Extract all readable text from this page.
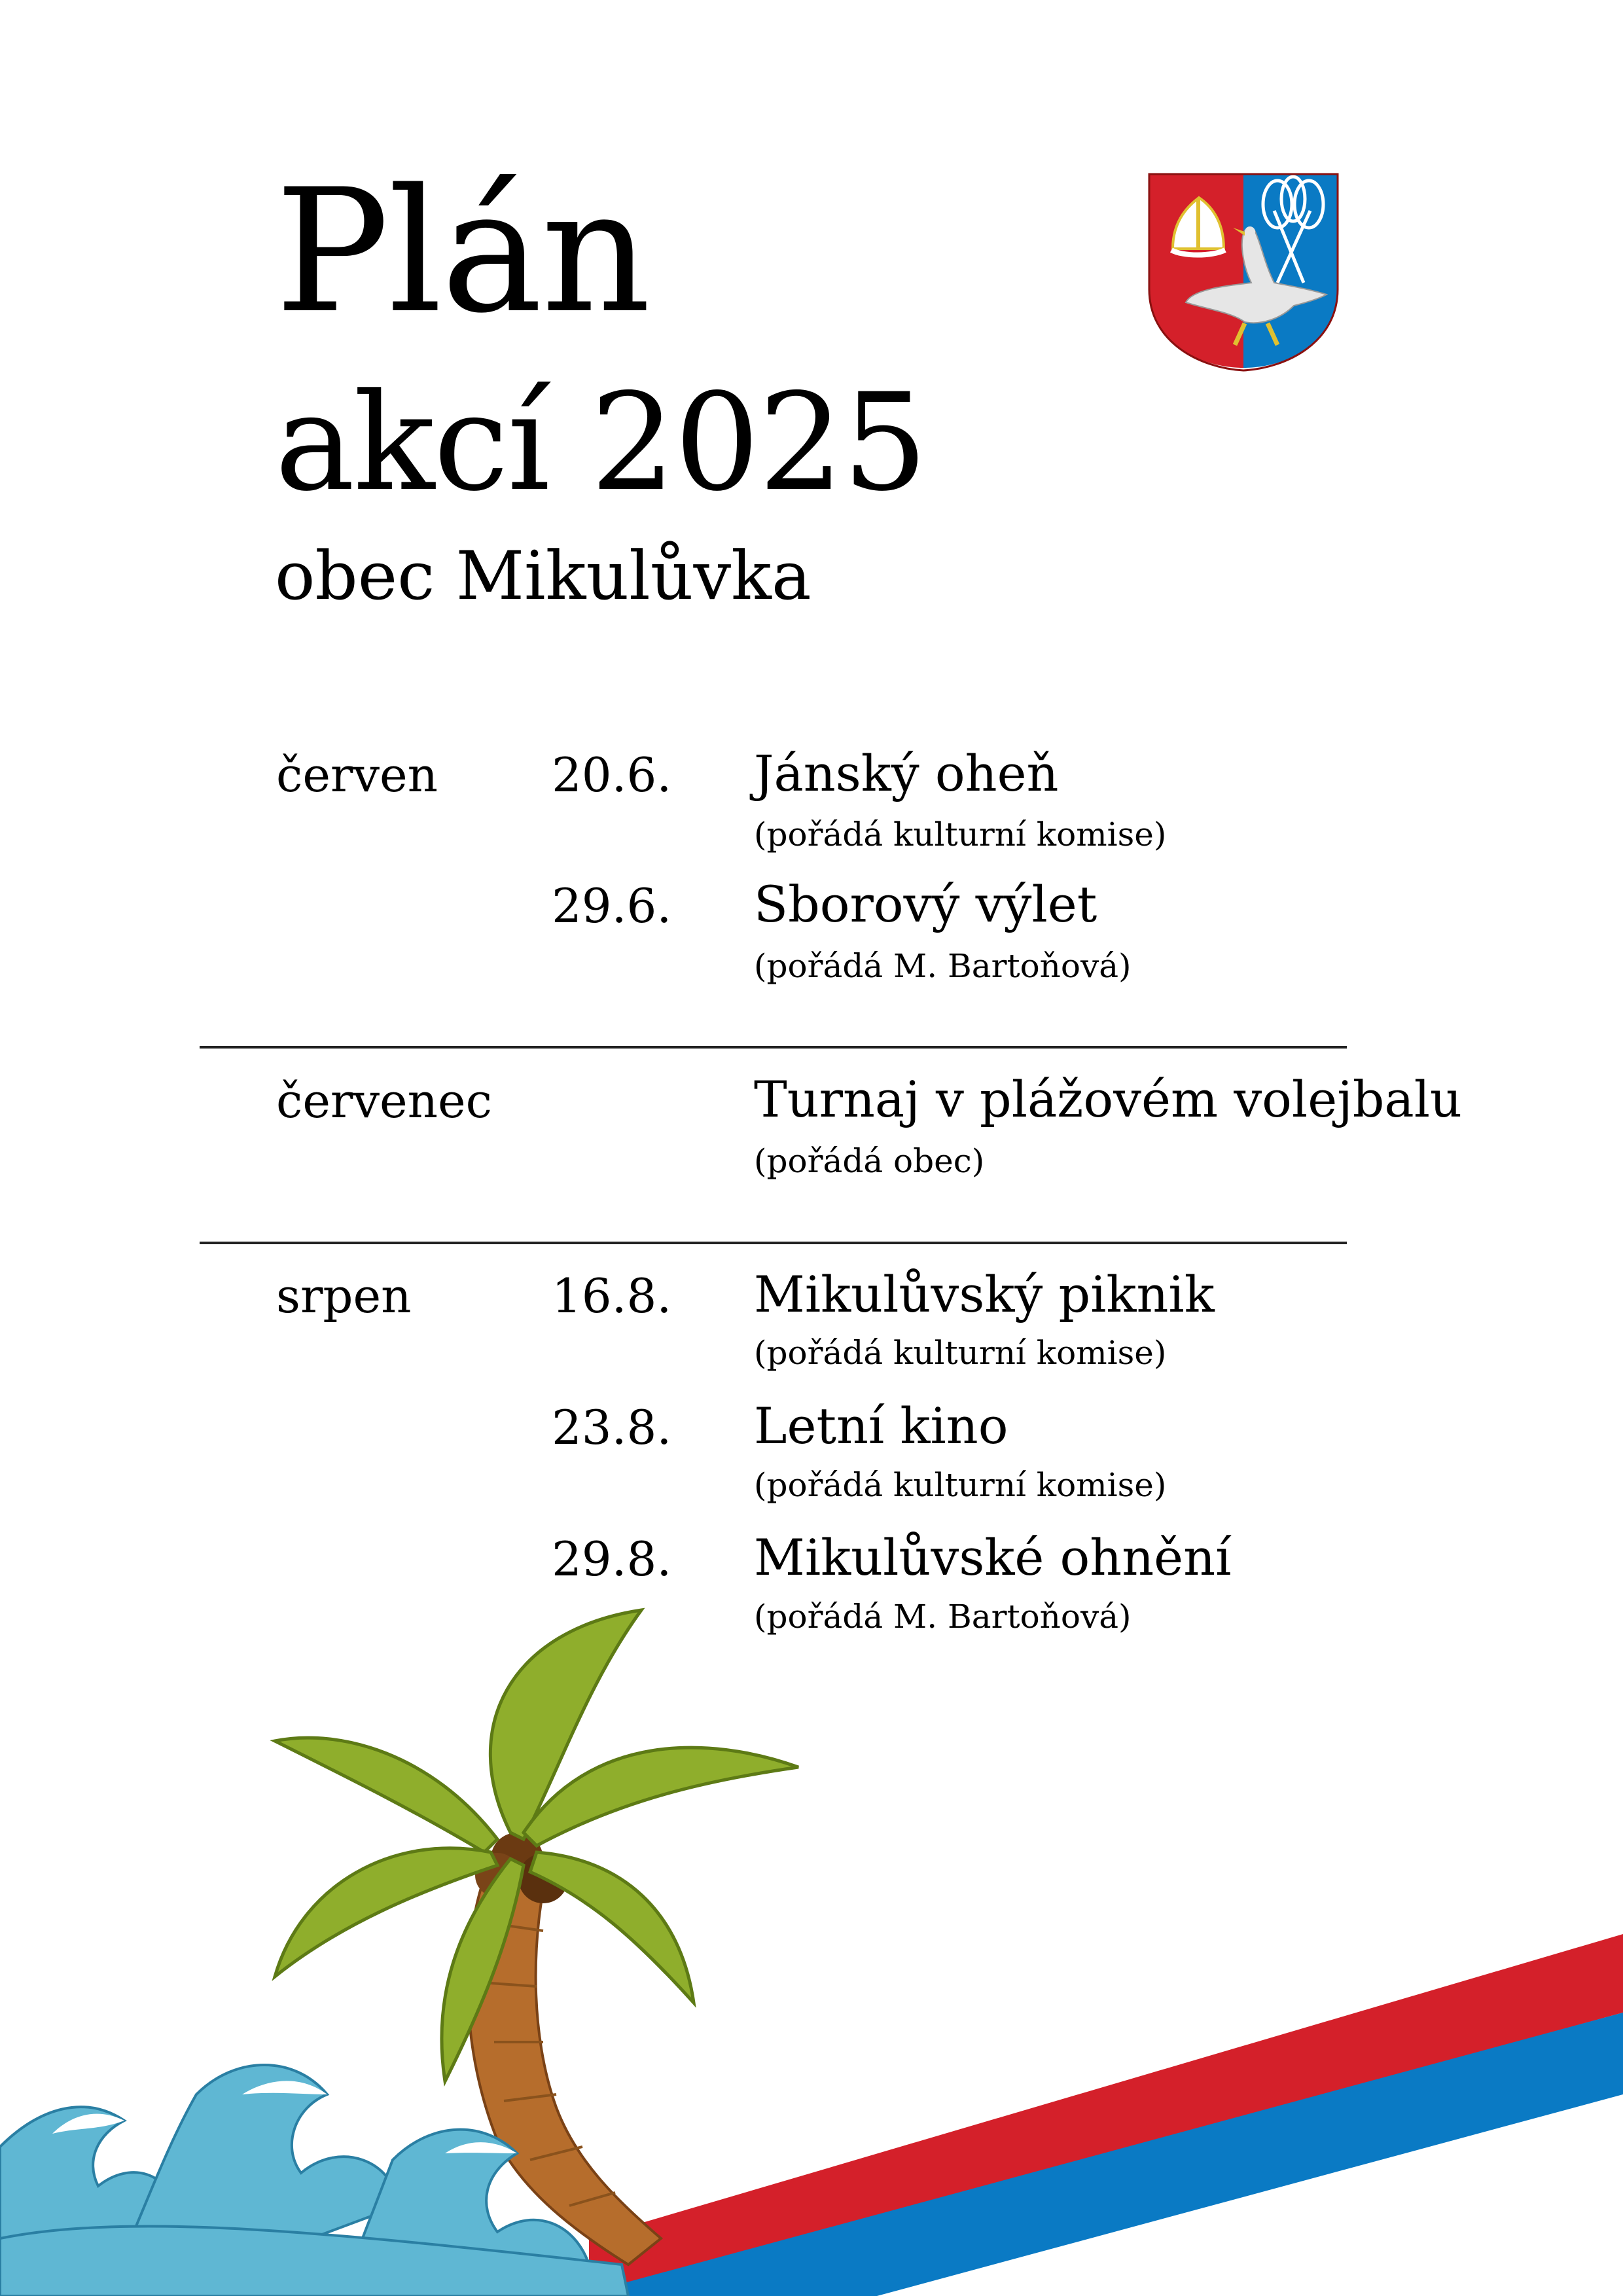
Plán
akcí 2025
obec Mikulůvka
červen 20.6. Jánský oheň
(pořádá kulturní komise)
29.6. Sborový výlet
(pořádá M. Bartoňová)
červenec	Turnaj v plážovém volejbalu
(pořádá obec)
srpen	16.8. Mikulůvský piknik
(pořádá kulturní komise)
23.8. Letní kino
(pořádá kulturní komise)
29.8. Mikulůvské ohnění
(pořádá M. Bartoňová)
